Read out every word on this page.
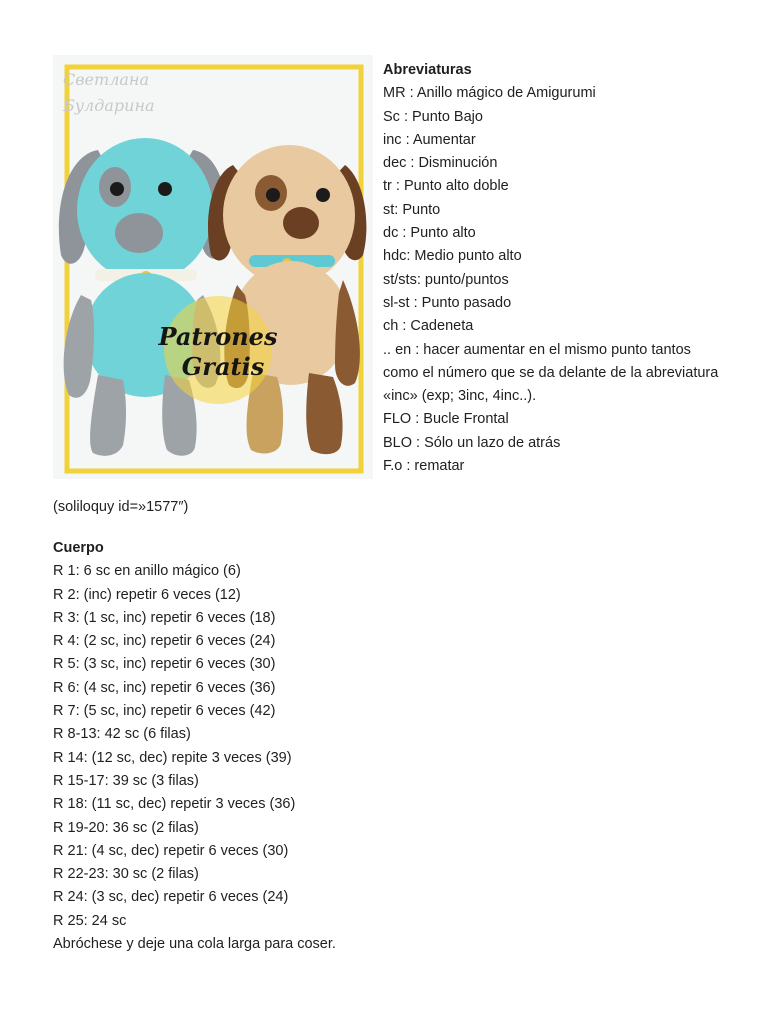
Светлана
Булдарина
Patrones
Gratis
Abreviaturas
MR : Anillo mágico de Amigurumi
Sc : Punto Bajo
inc : Aumentar
dec : Disminución
tr : Punto alto doble
st: Punto
dc : Punto alto
hdc: Medio punto alto
st/sts: punto/puntos
sl-st : Punto pasado
ch : Cadeneta
.. en : hacer aumentar en el mismo punto tantos
como el número que se da delante de la abreviatura
«inc» (exp; 3inc, 4inc..).
FLO : Bucle Frontal
BLO : Sólo un lazo de atrás
F.o : rematar
(soliloquy id=»1577″)
Cuerpo
R 1: 6 sc en anillo mágico (6)
R 2: (inc) repetir 6 veces (12)
R 3: (1 sc, inc) repetir 6 veces (18)
R 4: (2 sc, inc) repetir 6 veces (24)
R 5: (3 sc, inc) repetir 6 veces (30)
R 6: (4 sc, inc) repetir 6 veces (36)
R 7: (5 sc, inc) repetir 6 veces (42)
R 8-13: 42 sc (6 filas)
R 14: (12 sc, dec) repite 3 veces (39)
R 15-17: 39 sc (3 filas)
R 18: (11 sc, dec) repetir 3 veces (36)
R 19-20: 36 sc (2 filas)
R 21: (4 sc, dec) repetir 6 veces (30)
R 22-23: 30 sc (2 filas)
R 24: (3 sc, dec) repetir 6 veces (24)
R 25: 24 sc
Abróchese y deje una cola larga para coser.
